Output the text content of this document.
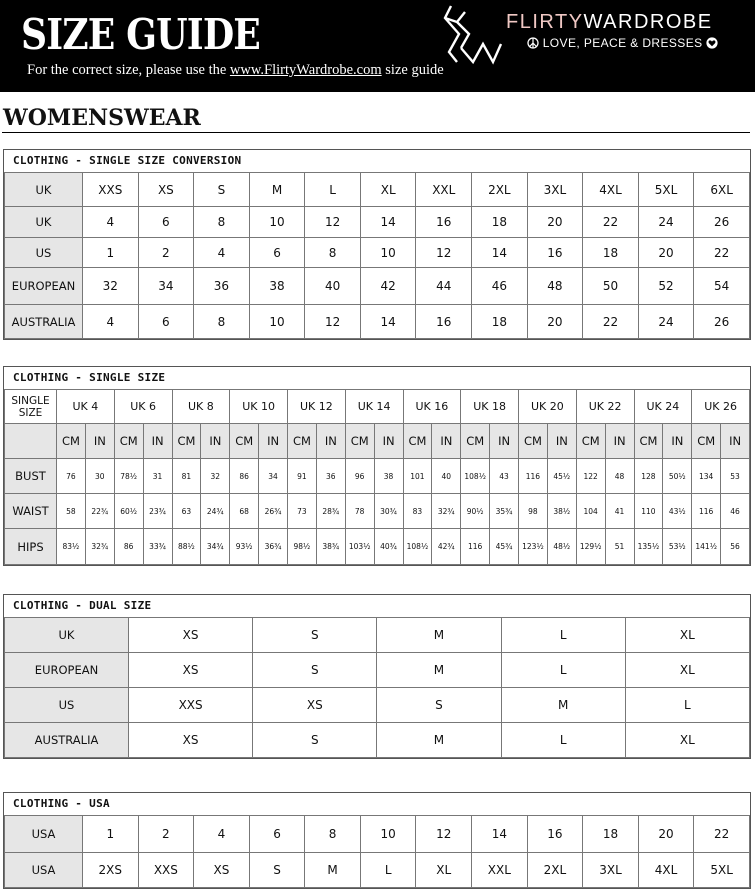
SIZE GUIDE
For the correct size, please use the www.FlirtyWardrobe.com size guide
FLIRTYWARDROBE
LOVE, PEACE & DRESSES
WOMENSWEAR
CLOTHING - SINGLE SIZE CONVERSION
UK	XXS	XS	S	M	L	XL	XXL	2XL	3XL	4XL	5XL	6XL
UK	4	6	8	10	12	14	16	18	20	22	24	26
US	1	2	4	6	8	10	12	14	16	18	20	22
EUROPEAN	32	34	36	38	40	42	44	46	48	50	52	54
AUSTRALIA	4	6	8	10	12	14	16	18	20	22	24	26
CLOTHING - SINGLE SIZE
SINGLE SIZE	UK 4		UK 6		UK 8		UK 10		UK 12		UK 14		UK 16		UK 18		UK 20		UK 22		UK 24		UK 26	
	CM	IN	CM	IN	CM	IN	CM	IN	CM	IN	CM	IN	CM	IN	CM	IN	CM	IN	CM	IN	CM	IN	CM	IN
BUST	76	30	78½	31	81	32	86	34	91	36	96	38	101	40	108½	43	116	45½	122	48	128	50½	134	53
WAIST	58	22¾	60½	23¾	63	24¾	68	26¾	73	28¾	78	30¾	83	32¾	90½	35¾	98	38½	104	41	110	43½	116	46
HIPS	83½	32¾	86	33¾	88½	34¾	93½	36¾	98½	38¾	103½	40¾	108½	42¾	116	45¾	123½	48½	129½	51	135½	53½	141½	56
CLOTHING - DUAL SIZE
UK	XS	S	M	L	XL
EUROPEAN	XS	S	M	L	XL
US	XXS	XS	S	M	L
AUSTRALIA	XS	S	M	L	XL
CLOTHING - USA
USA	1	2	4	6	8	10	12	14	16	18	20	22
USA	2XS	XXS	XS	S	M	L	XL	XXL	2XL	3XL	4XL	5XL
